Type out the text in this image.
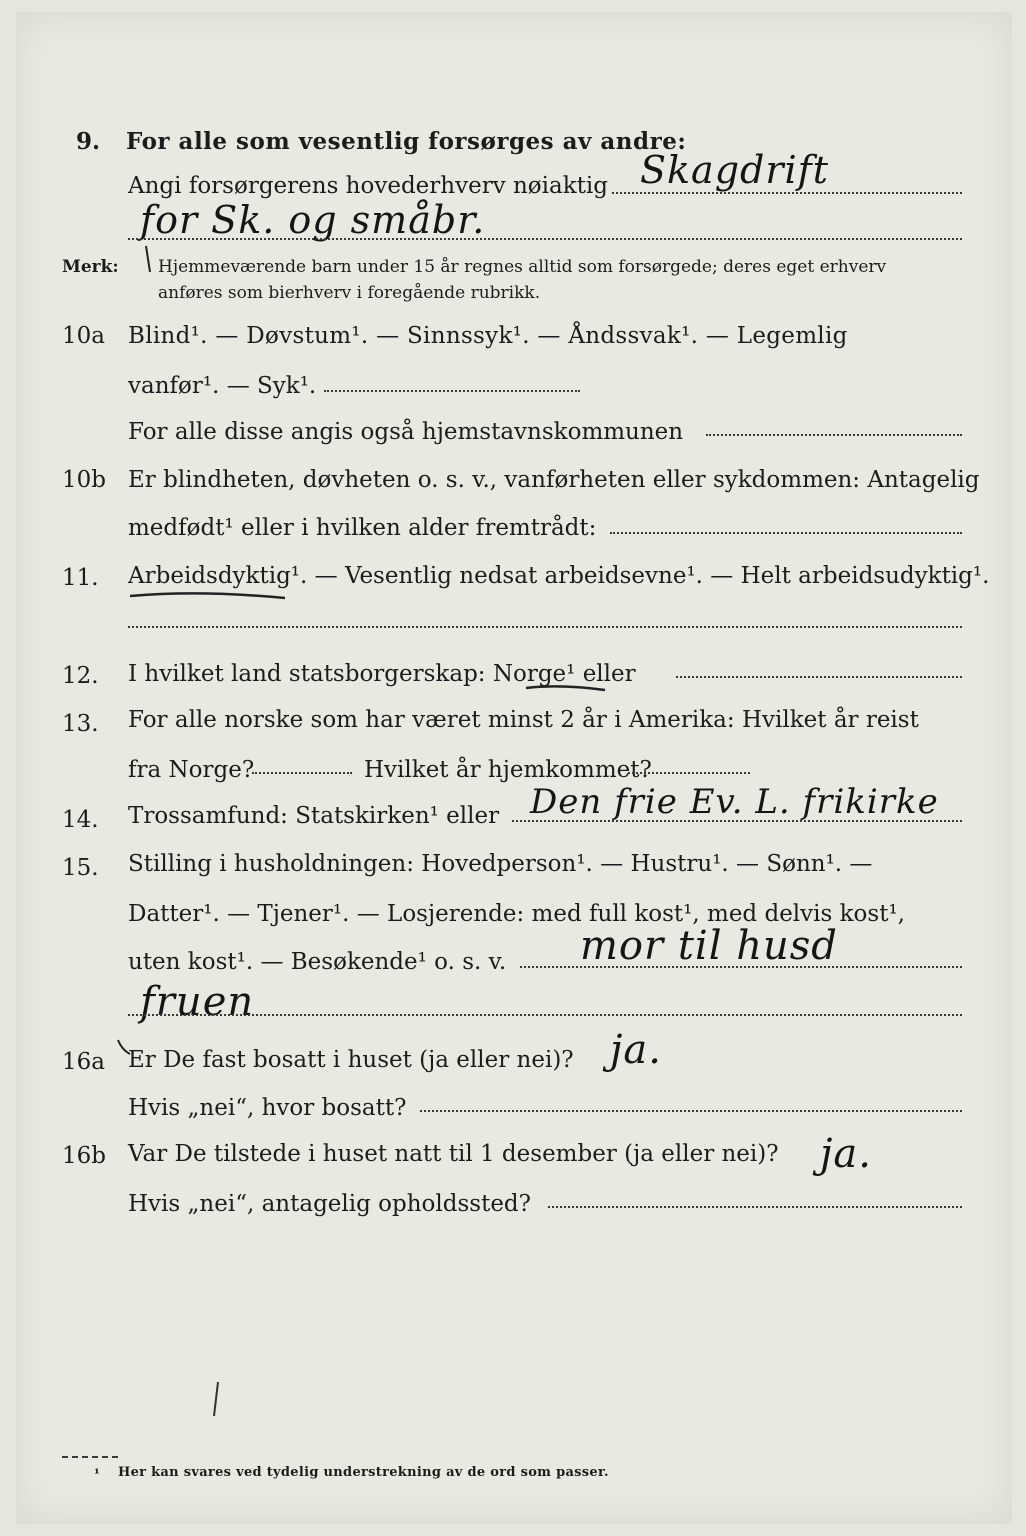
9. For alle som vesentlig forsørges av andre:
Angi forsørgerens hovederhverv nøiaktig Skagdrift
for Sk. og småbr.
Merk: Hjemmeværende barn under 15 år regnes alltid som forsørgede; deres eget erhverv
anføres som bierhverv i foregående rubrikk.
10a Blind¹. — Døvstum¹. — Sinnssyk¹. — Åndssvak¹. — Legemlig
vanfør¹. — Syk¹.
For alle disse angis også hjemstavnskommunen
10b Er blindheten, døvheten o. s. v., vanførheten eller sykdommen: Antagelig
medfødt¹ eller i hvilken alder fremtrådt:
11. Arbeidsdyktig¹. — Vesentlig nedsat arbeidsevne¹. — Helt arbeidsudyktig¹.
12. I hvilket land statsborgerskap: Norge¹ eller
13. For alle norske som har været minst 2 år i Amerika: Hvilket år reist
fra Norge?	Hvilket år hjemkommet?
14. Trossamfund: Statskirken¹ eller Den frie Ev. L. frikirke
15. Stilling i husholdningen: Hovedperson¹. — Hustru¹. — Sønn¹. —
Datter¹. — Tjener¹. — Losjerende: med full kost¹, med delvis kost¹,
uten kost¹. — Besøkende¹ o. s. v. mor til husd
fruen
16a Er De fast bosatt i huset (ja eller nei)? ja.
Hvis „nei“, hvor bosatt?
16b Var De tilstede i huset natt til 1 desember (ja eller nei)? ja.
Hvis „nei“, antagelig opholdssted?
¹ Her kan svares ved tydelig understrekning av de ord som passer.
